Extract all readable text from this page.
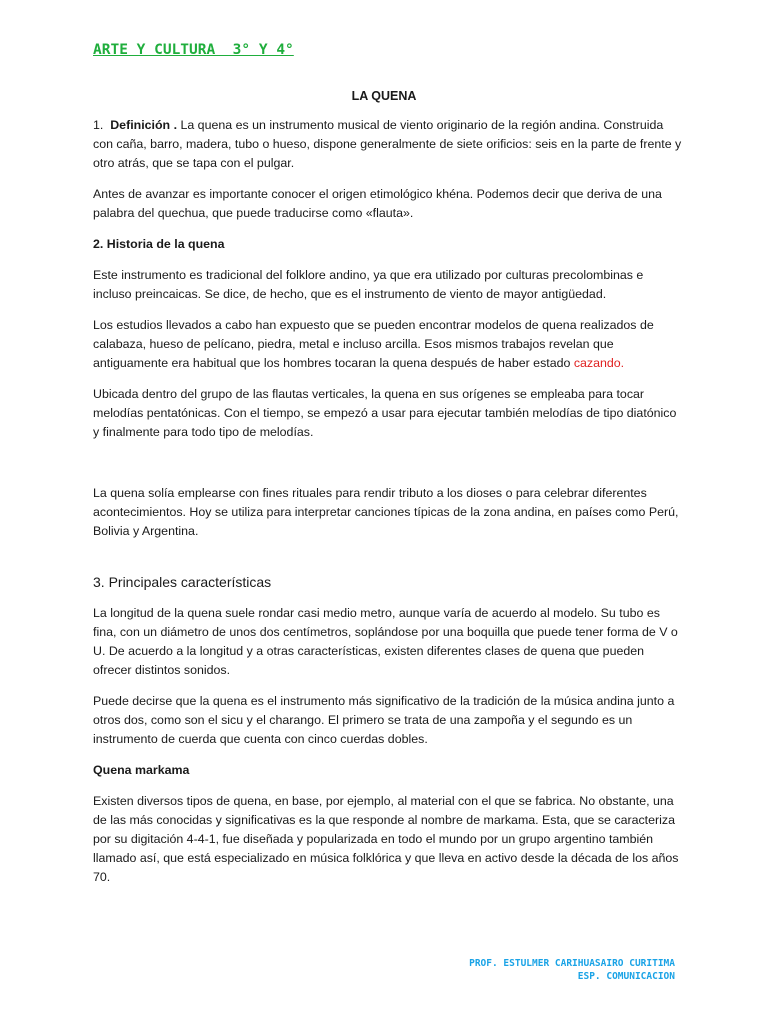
ARTE Y CULTURA  3° Y 4°
LA QUENA

1. Definición . La quena es un instrumento musical de viento originario de la región andina. Construida con caña, barro, madera, tubo o hueso, dispone generalmente de siete orificios: seis en la parte de frente y otro atrás, que se tapa con el pulgar.

Antes de avanzar es importante conocer el origen etimológico khéna. Podemos decir que deriva de una palabra del quechua, que puede traducirse como «flauta».

2. Historia de la quena

Este instrumento es tradicional del folklore andino, ya que era utilizado por culturas precolombinas e incluso preincaicas. Se dice, de hecho, que es el instrumento de viento de mayor antigüedad.

Los estudios llevados a cabo han expuesto que se pueden encontrar modelos de quena realizados de calabaza, hueso de pelícano, piedra, metal e incluso arcilla. Esos mismos trabajos revelan que antiguamente era habitual que los hombres tocaran la quena después de haber estado cazando.

Ubicada dentro del grupo de las flautas verticales, la quena en sus orígenes se empleaba para tocar melodías pentatónicas. Con el tiempo, se empezó a usar para ejecutar también melodías de tipo diatónico y finalmente para todo tipo de melodías.

La quena solía emplearse con fines rituales para rendir tributo a los dioses o para celebrar diferentes acontecimientos. Hoy se utiliza para interpretar canciones típicas de la zona andina, en países como Perú, Bolivia y Argentina.

3. Principales características

La longitud de la quena suele rondar casi medio metro, aunque varía de acuerdo al modelo. Su tubo es fina, con un diámetro de unos dos centímetros, soplándose por una boquilla que puede tener forma de V o U. De acuerdo a la longitud y a otras características, existen diferentes clases de quena que pueden ofrecer distintos sonidos.

Puede decirse que la quena es el instrumento más significativo de la tradición de la música andina junto a otros dos, como son el sicu y el charango. El primero se trata de una zampoña y el segundo es un instrumento de cuerda que cuenta con cinco cuerdas dobles.

Quena markama

Existen diversos tipos de quena, en base, por ejemplo, al material con el que se fabrica. No obstante, una de las más conocidas y significativas es la que responde al nombre de markama. Esta, que se caracteriza por su digitación 4-4-1, fue diseñada y popularizada en todo el mundo por un grupo argentino también llamado así, que está especializado en música folklórica y que lleva en activo desde la década de los años 70.

PROF. ESTULMER CARIHUASAIRO CURITIMA
ESP. COMUNICACION
